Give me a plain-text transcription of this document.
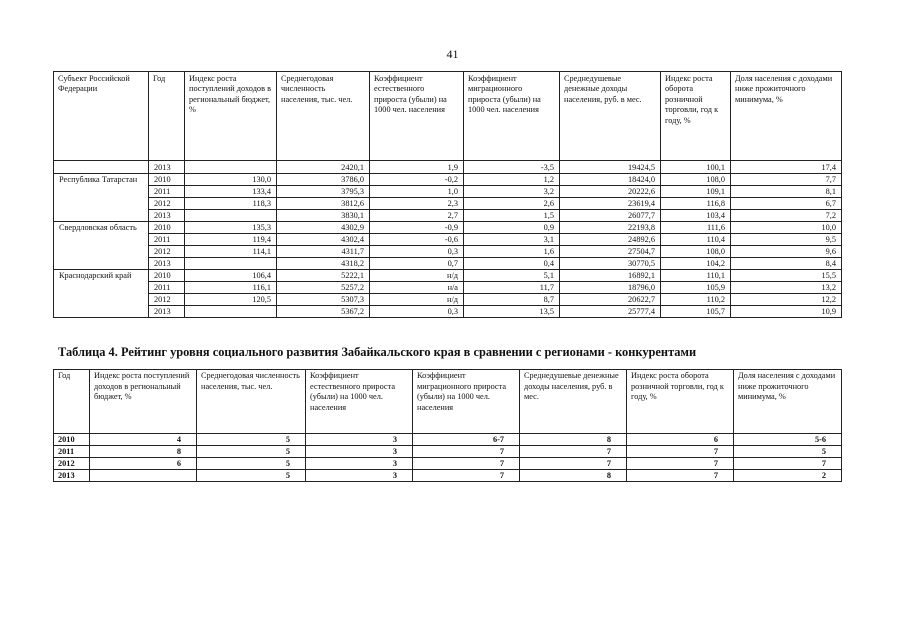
41
Субъект Российской Федерации	Год	Индекс роста поступлений доходов в региональный бюджет, %	Среднегодовая численность населения, тыс. чел.	Коэффициент естественного прироста (убыли) на 1000 чел. населения	Коэффициент миграционного прироста (убыли) на 1000 чел. населения	Среднедушевые денежные доходы населения, руб. в мес.	Индекс роста оборота розничной торговли, год к году, %	Доля населения с доходами ниже прожиточного минимума, %
	2013		2420,1	1,9	-3,5	19424,5	100,1	17,4
Республика Татарстан	2010	130,0	3786,0	-0,2	1,2	18424,0	108,0	7,7
	2011	133,4	3795,3	1,0	3,2	20222,6	109,1	8,1
	2012	118,3	3812,6	2,3	2,6	23619,4	116,8	6,7
	2013		3830,1	2,7	1,5	26077,7	103,4	7,2
Свердловская область	2010	135,3	4302,9	-0,9	0,9	22193,8	111,6	10,0
	2011	119,4	4302,4	-0,6	3,1	24892,6	110,4	9,5
	2012	114,1	4311,7	0,3	1,6	27504,7	108,0	9,6
	2013		4318,2	0,7	0,4	30770,5	104,2	8,4
Краснодарский край	2010	106,4	5222,1	н/д	5,1	16892,1	110,1	15,5
	2011	116,1	5257,2	н/а	11,7	18796,0	105,9	13,2
	2012	120,5	5307,3	н/д	8,7	20622,7	110,2	12,2
	2013		5367,2	0,3	13,5	25777,4	105,7	10,9
Таблица 4. Рейтинг уровня социального развития Забайкальского края в сравнении с регионами - конкурентами
Год	Индекс роста поступлений доходов в региональный бюджет, %	Среднегодовая численность населения, тыс. чел.	Коэффициент естественного прироста (убыли) на 1000 чел. населения	Коэффициент миграционного прироста (убыли) на 1000 чел. населения	Среднедушевые денежные доходы населения, руб. в мес.	Индекс роста оборота розничной торговли, год к году, %	Доля населения с доходами ниже прожиточного минимума, %
2010	4	5	3	6-7	8	6	5-6
2011	8	5	3	7	7	7	5
2012	6	5	3	7	7	7	7
2013		5	3	7	8	7	2
